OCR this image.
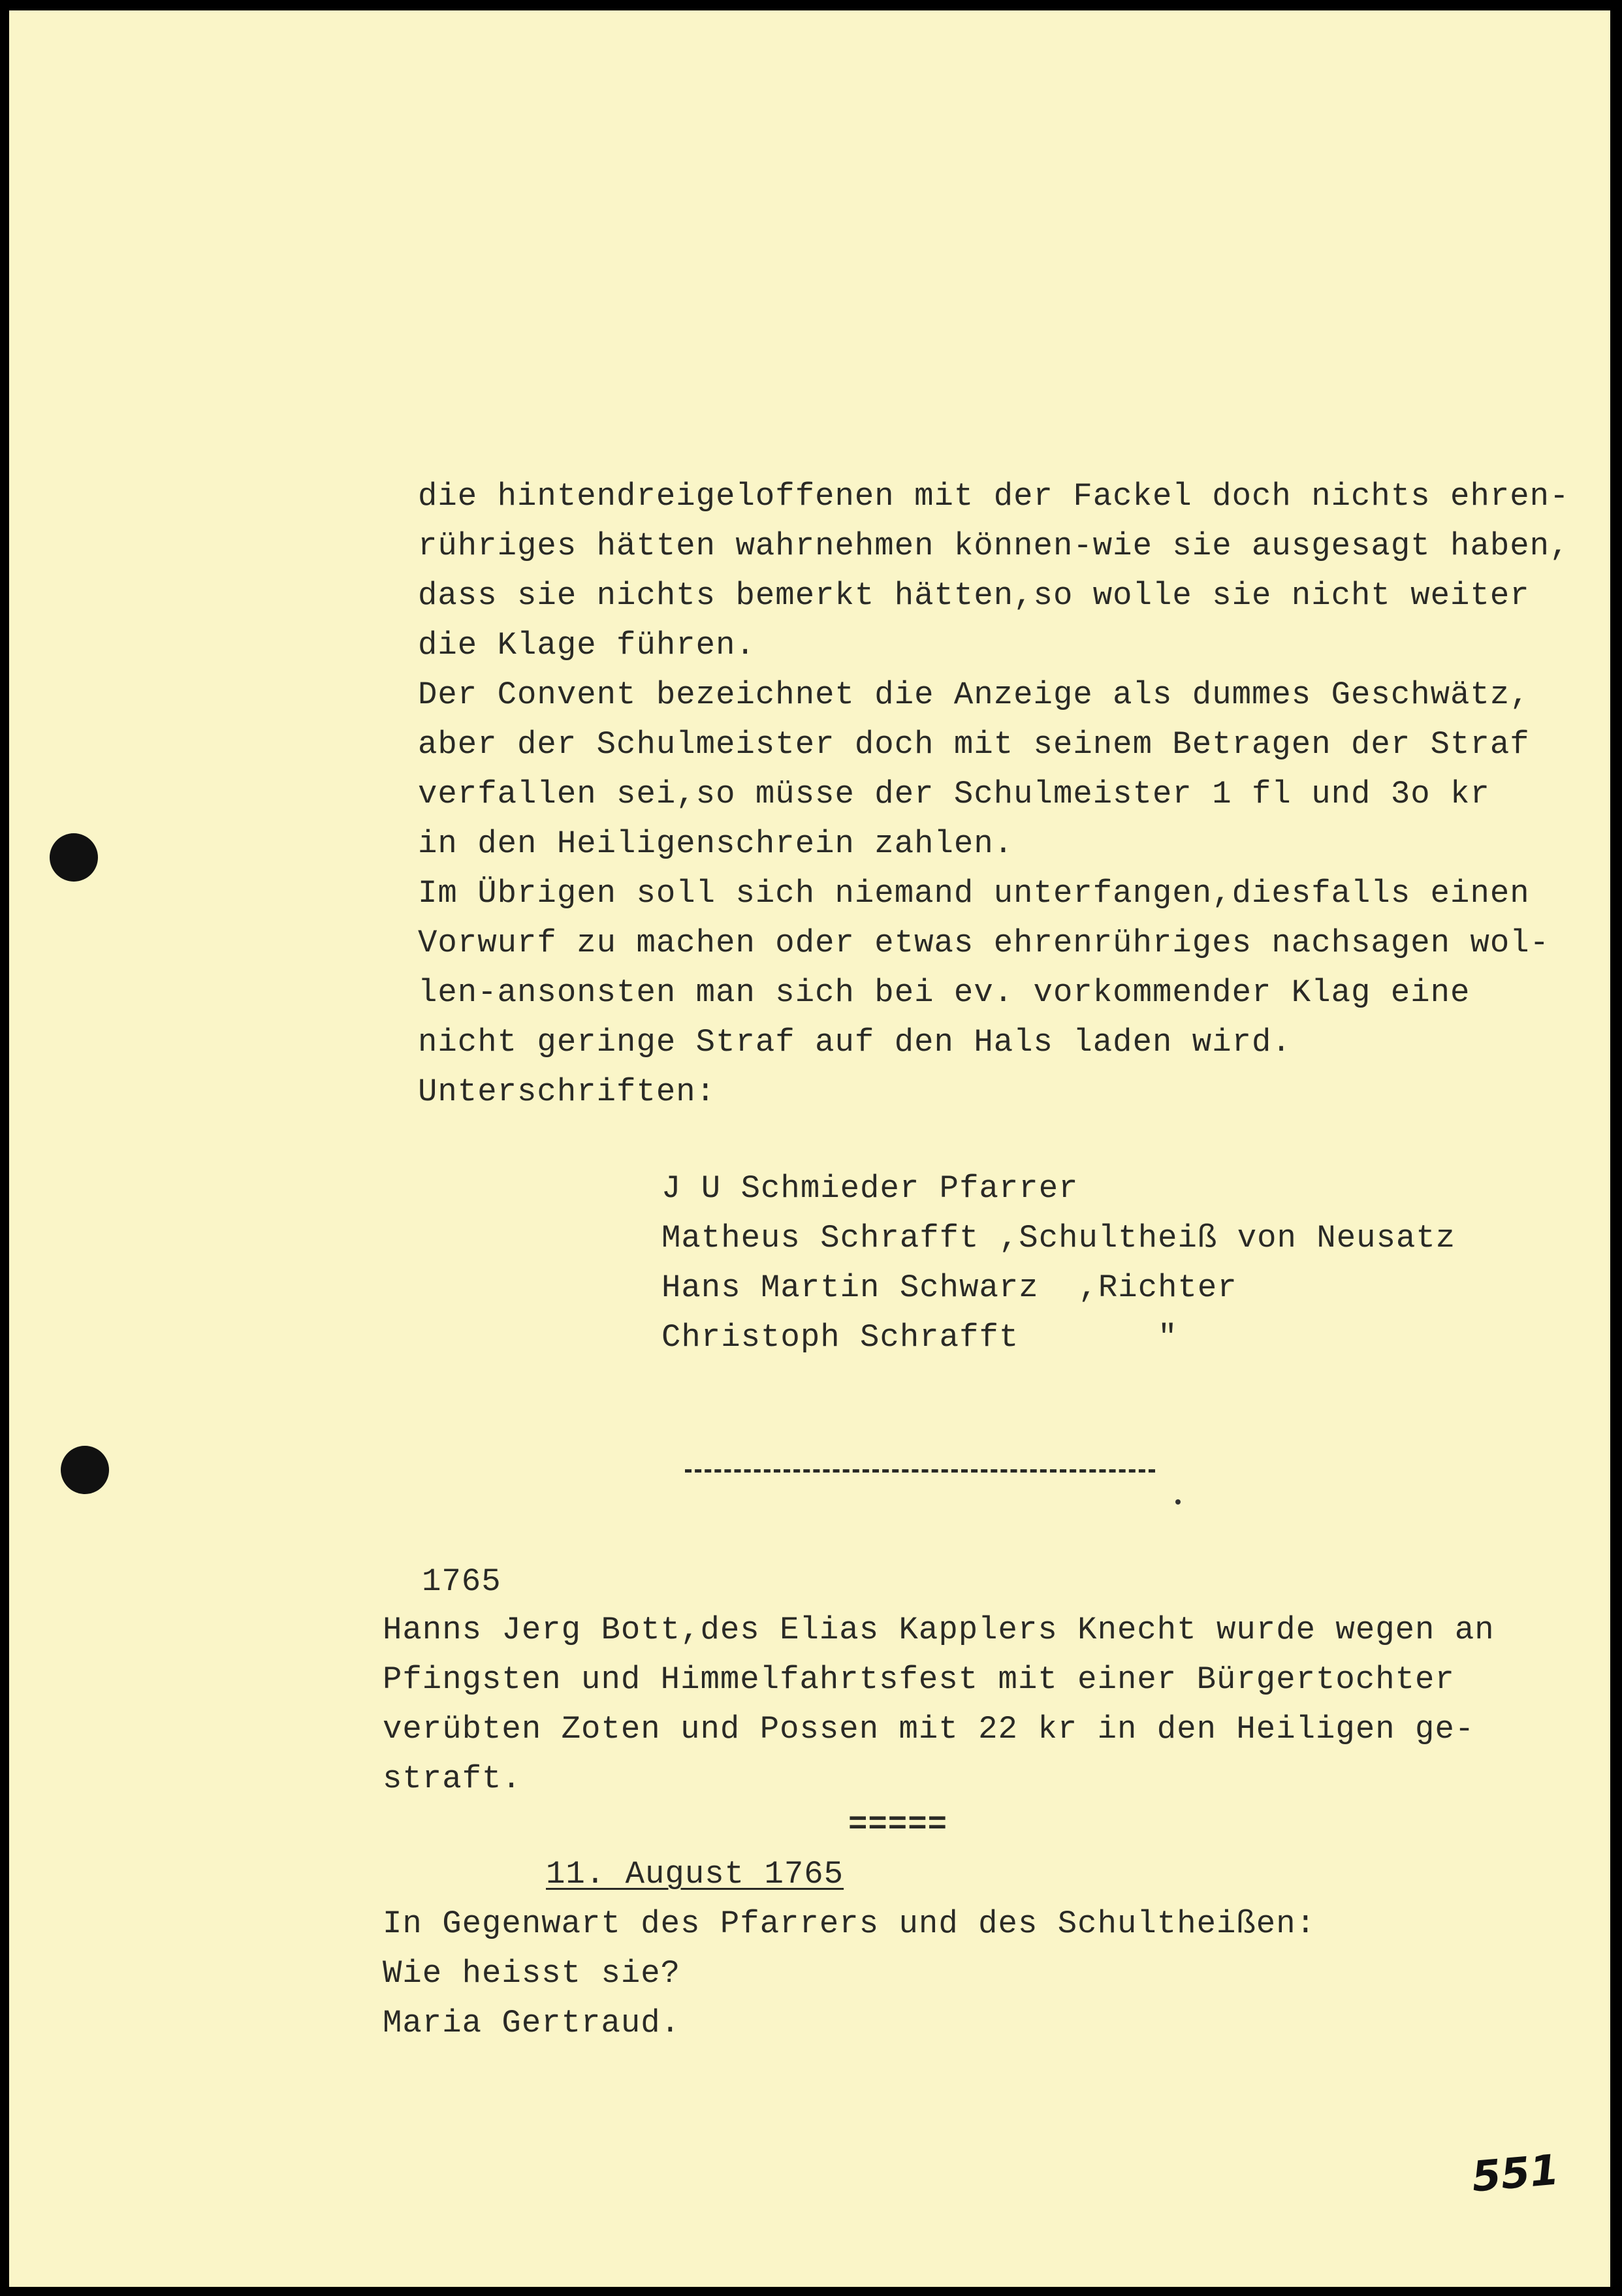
die hintendreigeloffenen mit der Fackel doch nichts ehren-

rühriges hätten wahrnehmen können-wie sie ausgesagt haben,

dass sie nichts bemerkt hätten,so wolle sie nicht weiter

die Klage führen.

Der Convent bezeichnet die Anzeige als dummes Geschwätz,

aber der Schulmeister doch mit seinem Betragen der Straf

verfallen sei,so müsse der Schulmeister 1 fl und 3o kr

in den Heiligenschrein zahlen.

Im Übrigen soll sich niemand unterfangen,diesfalls einen

Vorwurf zu machen oder etwas ehrenrühriges nachsagen wol-

len-ansonsten man sich bei ev. vorkommender Klag eine

nicht geringe Straf auf den Hals laden wird.

Unterschriften:

J U Schmieder Pfarrer

Matheus Schrafft ,Schultheiß von Neusatz

Hans Martin Schwarz  ,Richter

Christoph Schrafft       "

1765

Hanns Jerg Bott,des Elias Kapplers Knecht wurde wegen an

Pfingsten und Himmelfahrtsfest mit einer Bürgertochter

verübten Zoten und Possen mit 22 kr in den Heiligen ge-

straft.

=====

11. August 1765

In Gegenwart des Pfarrers und des Schultheißen:

Wie heisst sie?

Maria Gertraud.

551
